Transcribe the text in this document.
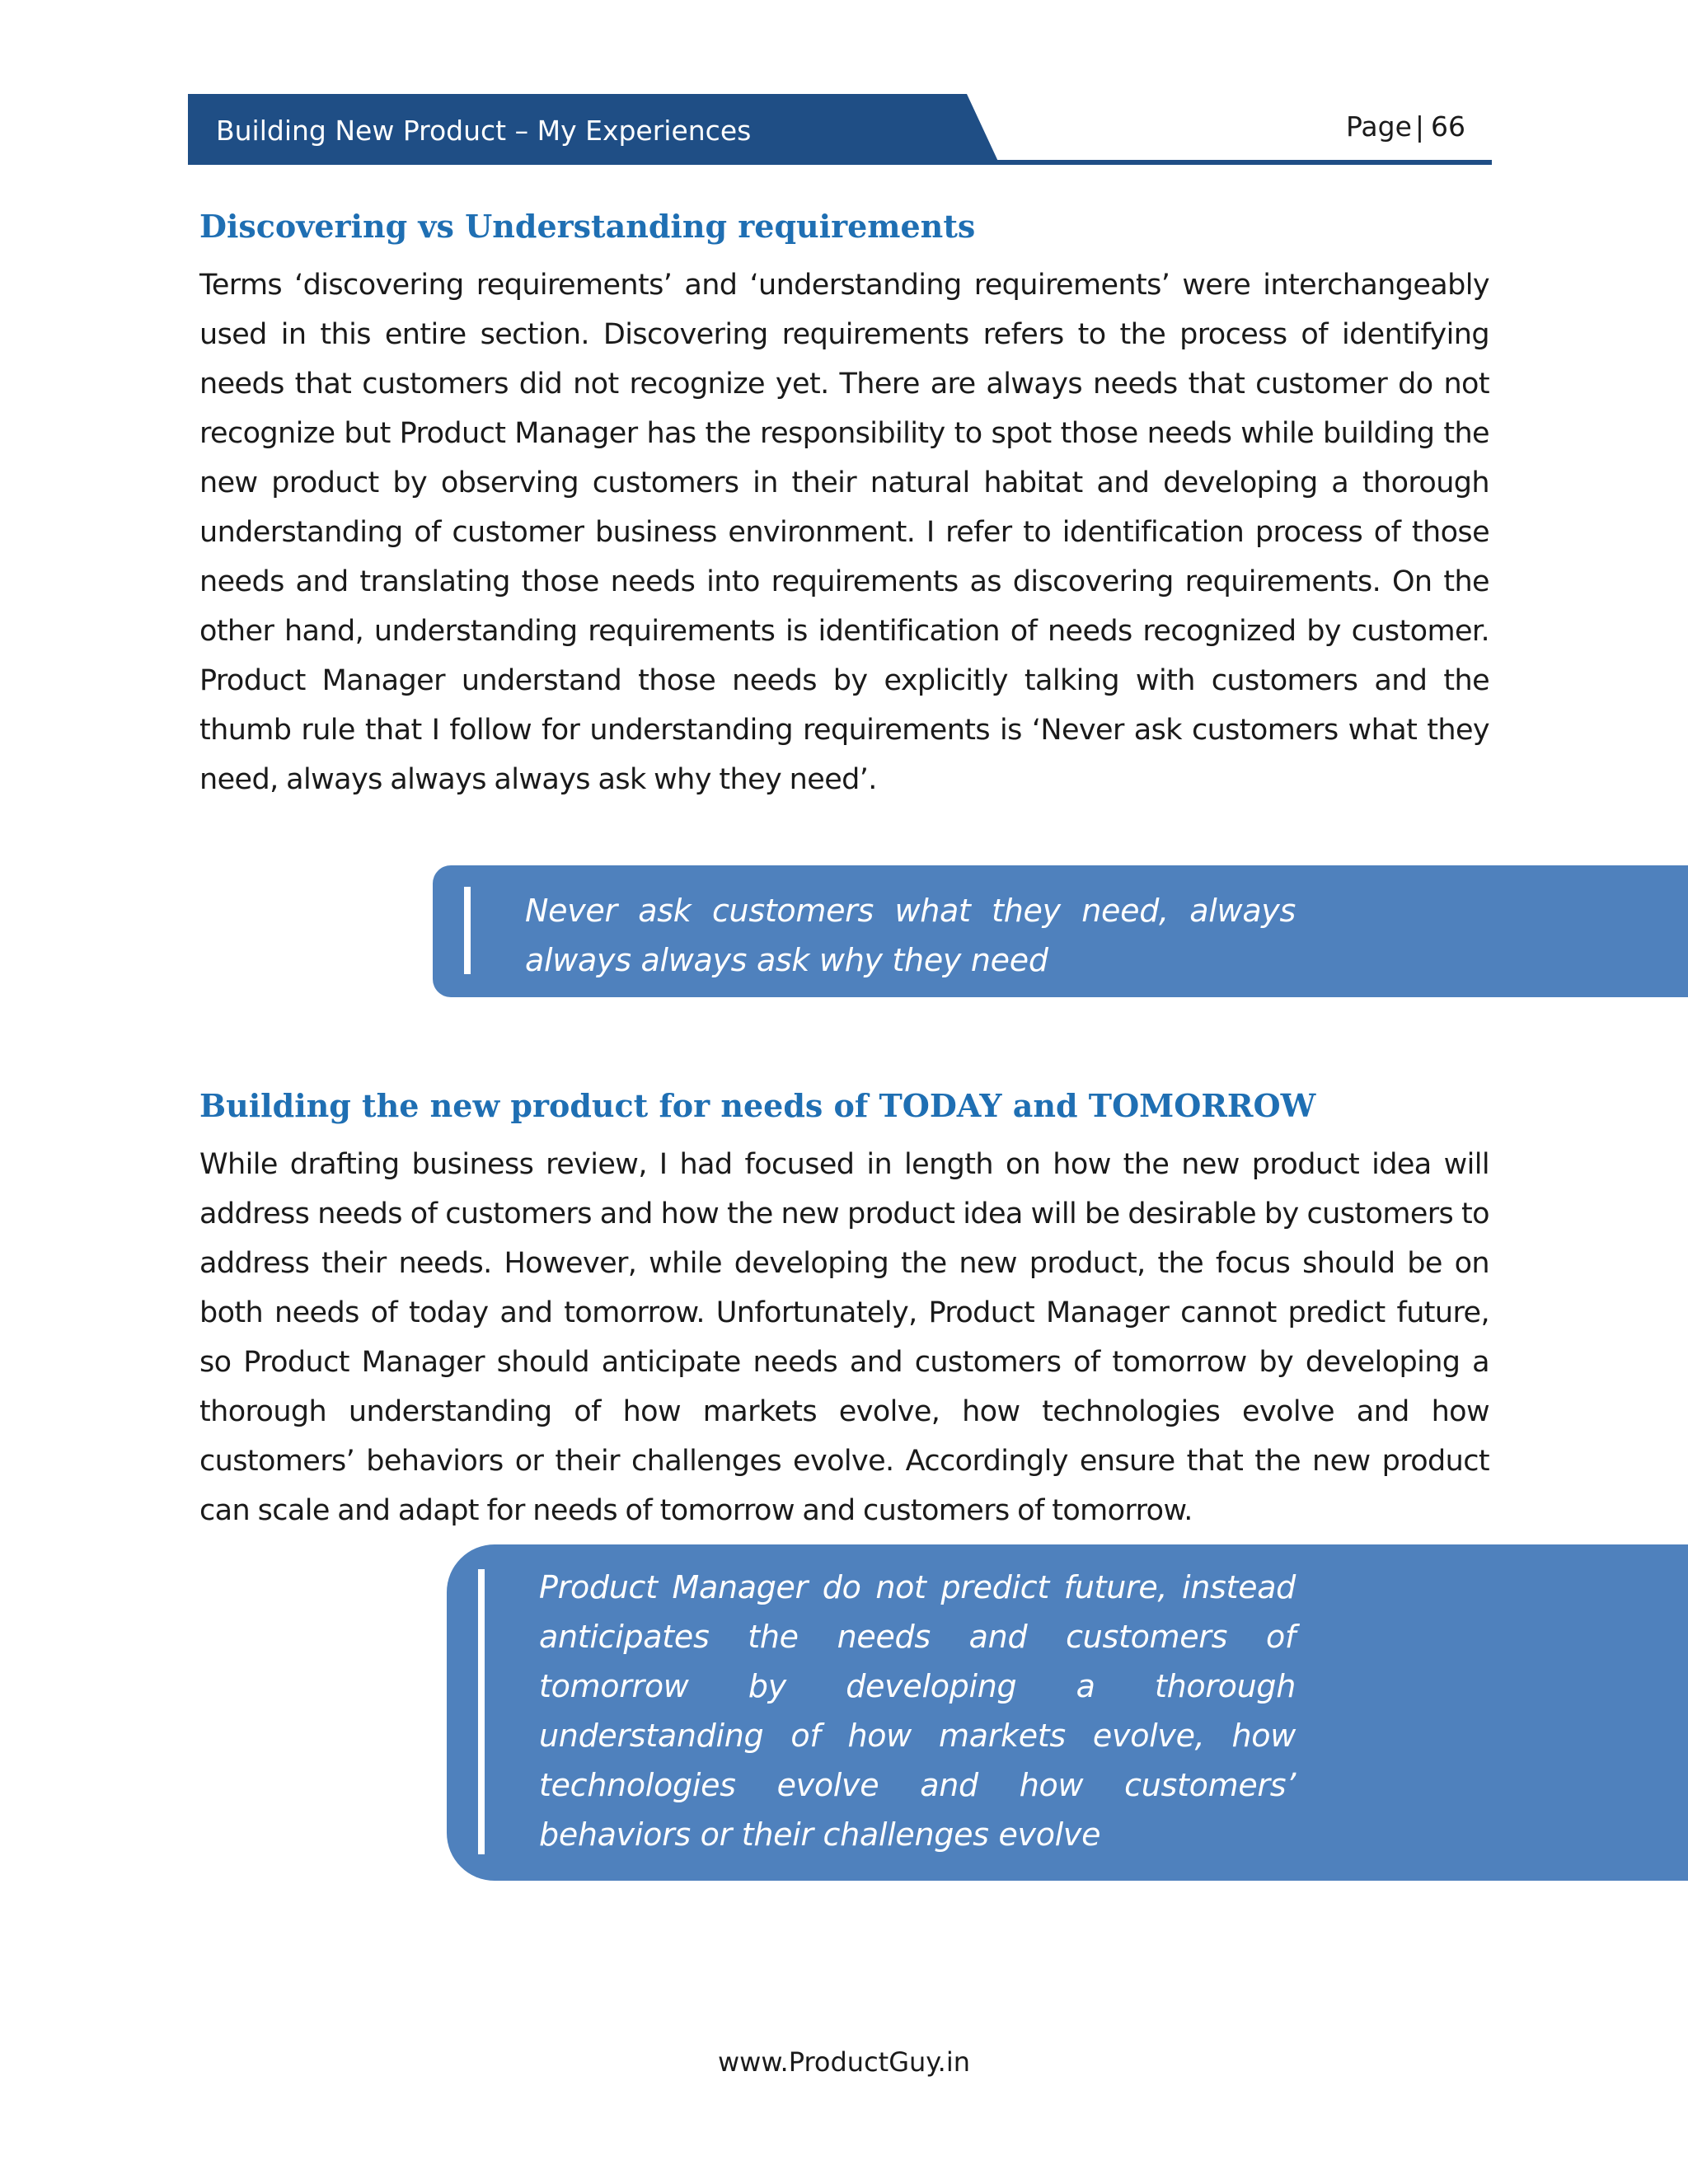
Building New Product – My Experiences	Page | 66
Discovering vs Understanding requirements

Terms ‘discovering requirements’ and ‘understanding requirements’ were interchangeably used in this entire section. Discovering requirements refers to the process of identifying needs that customers did not recognize yet. There are always needs that customer do not recognize but Product Manager has the responsibility to spot those needs while building the new product by observing customers in their natural habitat and developing a thorough understanding of customer business environment. I refer to identification process of those needs and translating those needs into requirements as discovering requirements. On the other hand, understanding requirements is identification of needs recognized by customer. Product Manager understand those needs by explicitly talking with customers and the thumb rule that I follow for understanding requirements is ‘Never ask customers what they need, always always always ask why they need’.

Never ask customers what they need, always always always ask why they need

Building the new product for needs of TODAY and TOMORROW

While drafting business review, I had focused in length on how the new product idea will address needs of customers and how the new product idea will be desirable by customers to address their needs. However, while developing the new product, the focus should be on both needs of today and tomorrow. Unfortunately, Product Manager cannot predict future, so Product Manager should anticipate needs and customers of tomorrow by developing a thorough understanding of how markets evolve, how technologies evolve and how customers’ behaviors or their challenges evolve. Accordingly ensure that the new product can scale and adapt for needs of tomorrow and customers of tomorrow.

Product Manager do not predict future, instead anticipates the needs and customers of tomorrow by developing a thorough understanding of how markets evolve, how technologies evolve and how customers’ behaviors or their challenges evolve

www.ProductGuy.in
